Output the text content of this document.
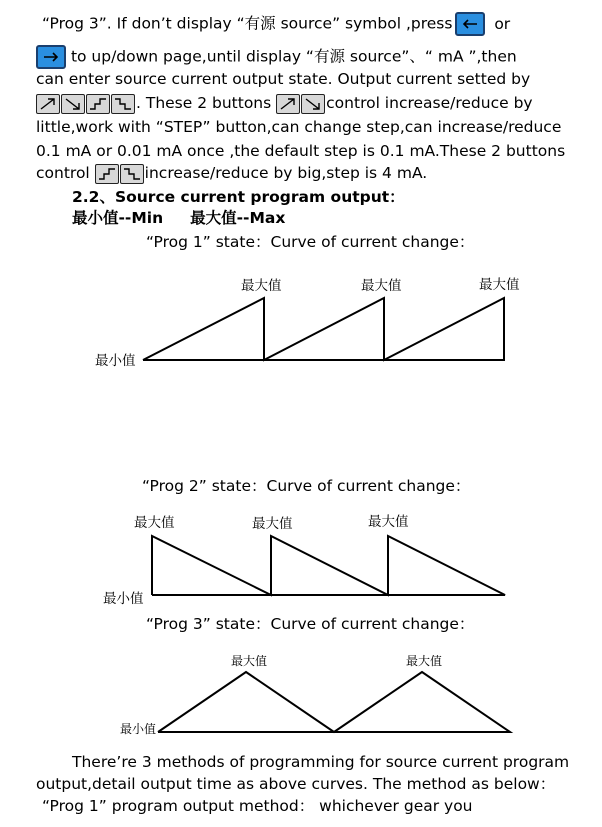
“Prog 3”. If don’t display “有源 source” symbol ,press	or
to up/down page,until display “有源 source”、“ mA ”,then
can enter source current output state. Output current setted by
. These 2 buttons	control increase/reduce by
little,work with “STEP” button,can change step,can increase/reduce
0.1 mA or 0.01 mA once ,the default step is 0.1 mA.These 2 buttons
control	increase/reduce by big,step is 4 mA.
2.2、Source current program output：
最小值--Min     最大值--Max
“Prog 1” state：Curve of current change：
最大值	最大值	最大值
最小值
“Prog 2” state：Curve of current change：
最大值	最大值	最大值
最小值
“Prog 3” state：Curve of current change：
最大值	最大值
最小值
There’re 3 methods of programming for source current program
output,detail output time as above curves. The method as below：
“Prog 1” program output method： whichever gear you
